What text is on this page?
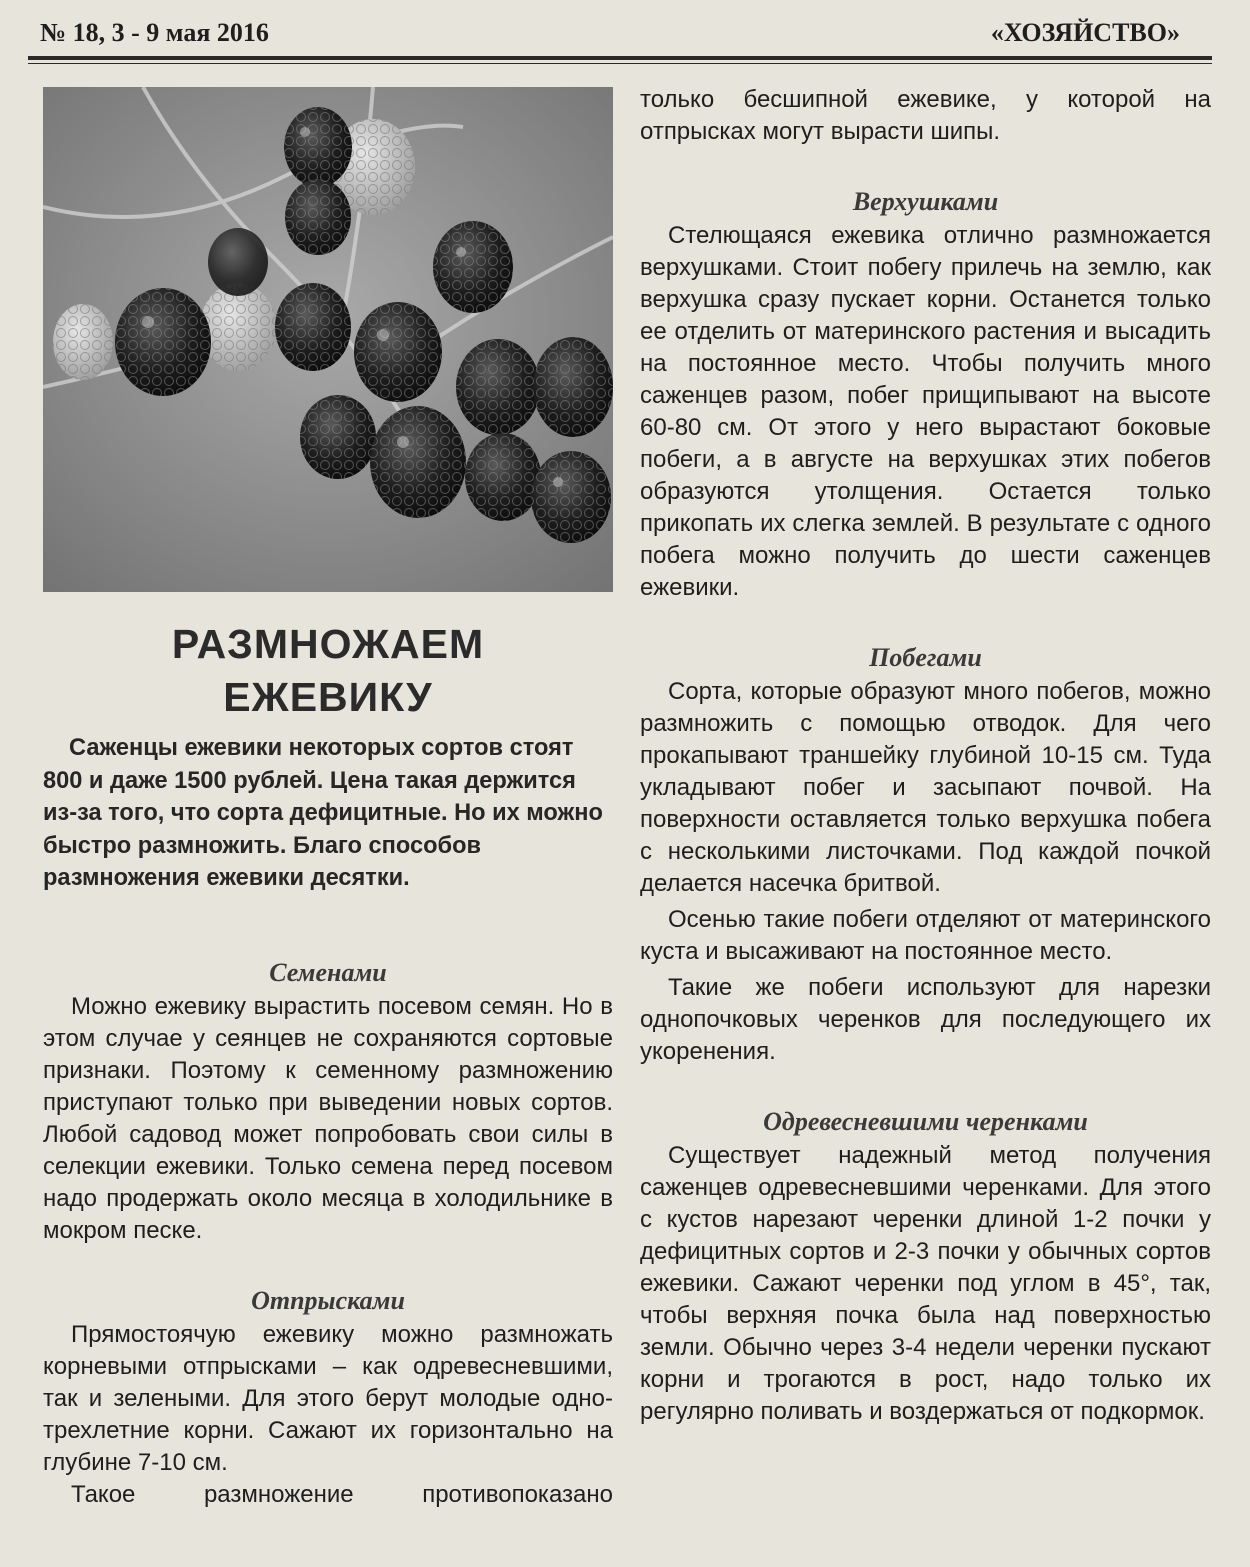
№ 18, 3 - 9 мая 2016	«ХОЗЯЙСТВО»
РАЗМНОЖАЕМ
ЕЖЕВИКУ

Саженцы ежевики некоторых сортов стоят 800 и даже 1500 рублей. Цена такая держится из-за того, что сорта дефицитные. Но их можно быстро размножить. Благо способов размножения ежевики десятки.

Семенами

Можно ежевику вырастить посевом семян. Но в этом случае у сеянцев не сохраняются сортовые признаки. Поэтому к семенному размножению приступают только при выведении новых сортов. Любой садовод может попробовать свои силы в селекции ежевики. Только семена перед посевом надо продержать около месяца в холодильнике в мокром песке.

Отпрысками

Прямостоячую ежевику можно размножать корневыми отпрысками – как одревесневшими, так и зелеными. Для этого берут молодые одно-трехлетние корни. Сажают их горизонтально на глубине 7-10 см.

Такое размножение противопоказано

только бесшипной ежевике, у которой на отпрысках могут вырасти шипы.

Верхушками

Стелющаяся ежевика отлично размножается верхушками. Стоит побегу прилечь на землю, как верхушка сразу пускает корни. Останется только ее отделить от материнского растения и высадить на постоянное место. Чтобы получить много саженцев разом, побег прищипывают на высоте 60-80 см. От этого у него вырастают боковые побеги, а в августе на верхушках этих побегов образуются утолщения. Остается только прикопать их слегка землей. В результате с одного побега можно получить до шести саженцев ежевики.

Побегами

Сорта, которые образуют много побегов, можно размножить с помощью отводок. Для чего прокапывают траншейку глубиной 10-15 см. Туда укладывают побег и засыпают почвой. На поверхности оставляется только верхушка побега с несколькими листочками. Под каждой почкой делается насечка бритвой.

Осенью такие побеги отделяют от материнского куста и высаживают на постоянное место.

Такие же побеги используют для нарезки однопочковых черенков для последующего их укоренения.

Одревесневшими черенками

Существует надежный метод получения саженцев одревесневшими черенками. Для этого с кустов нарезают черенки длиной 1-2 почки у дефицитных сортов и 2-3 почки у обычных сортов ежевики. Сажают черенки под углом в 45°, так, чтобы верхняя почка была над поверхностью земли. Обычно через 3-4 недели черенки пускают корни и трогаются в рост, надо только их регулярно поливать и воздержаться от подкормок.
